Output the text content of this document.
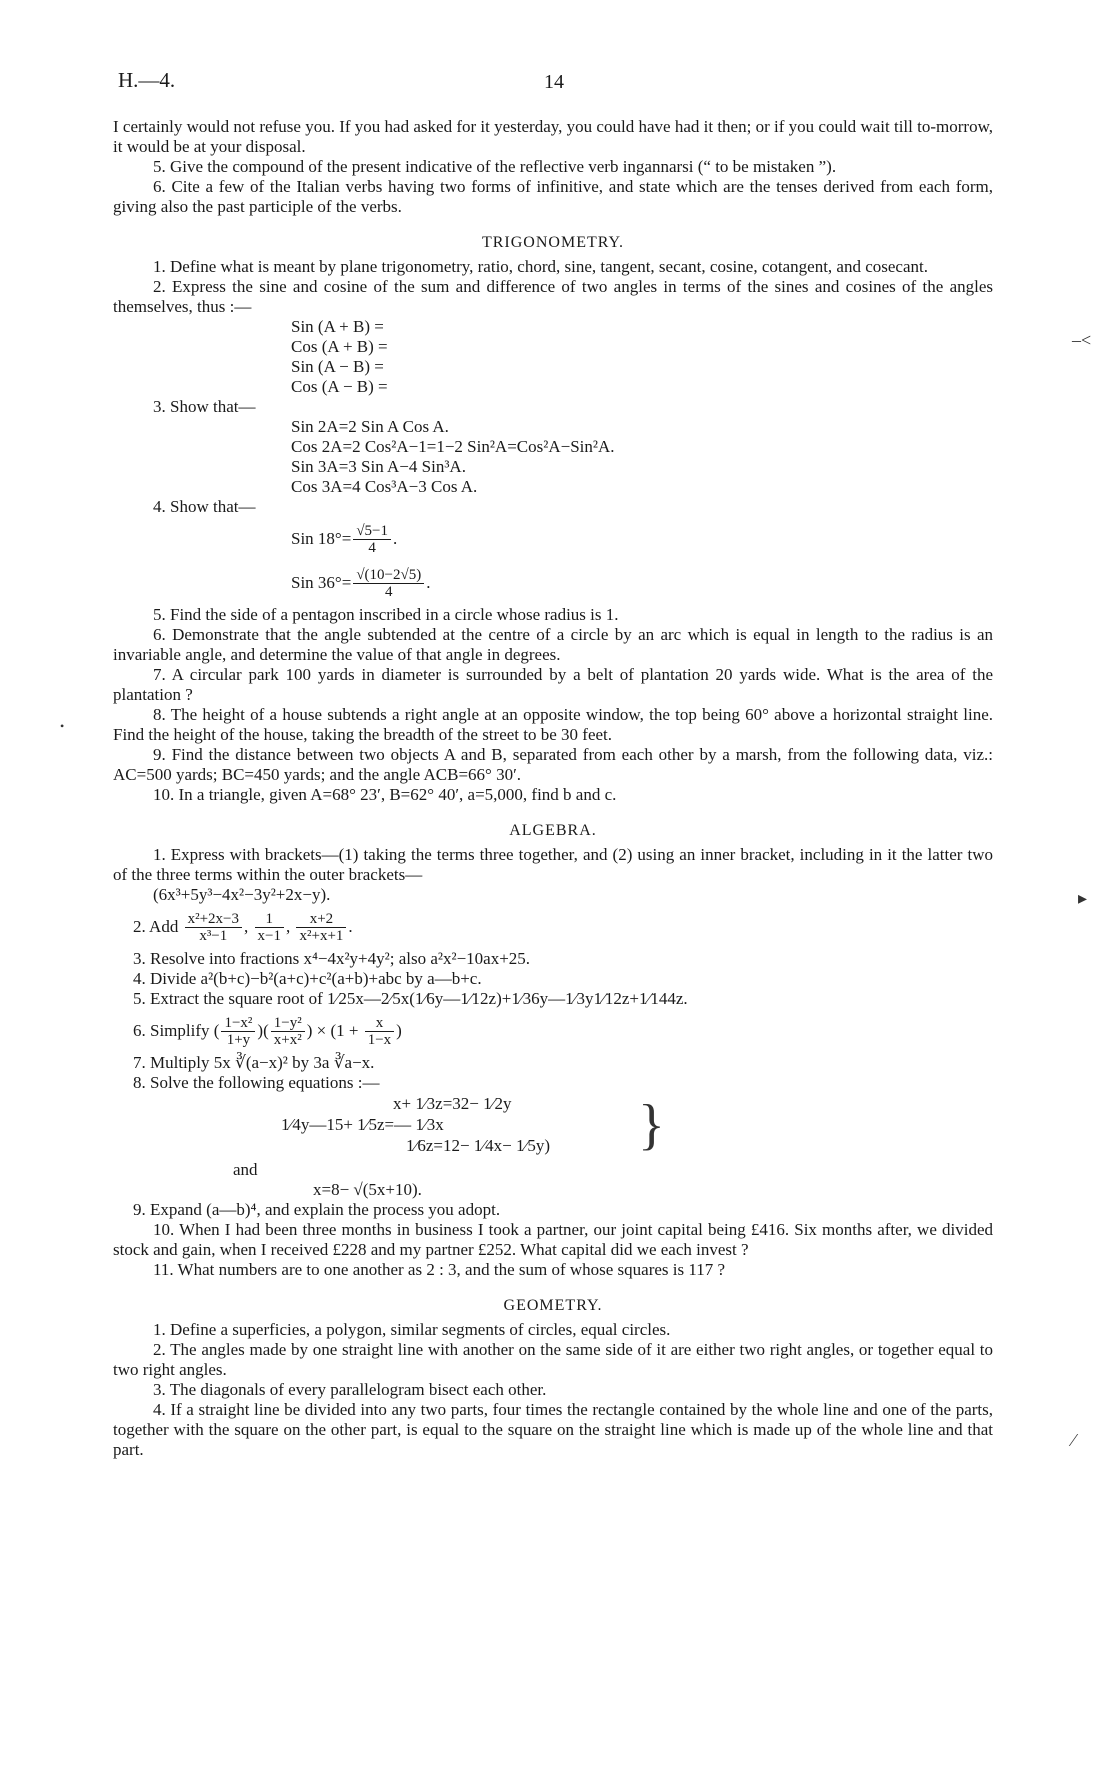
H.—4.	14
–<
▸
⁄
•

I certainly would not refuse you. If you had asked for it yesterday, you could have had it then; or if you could wait till to-morrow, it would be at your disposal.

5. Give the compound of the present indicative of the reflective verb ingannarsi (“ to be mistaken ”).

6. Cite a few of the Italian verbs having two forms of infinitive, and state which are the tenses derived from each form, giving also the past participle of the verbs.

TRIGONOMETRY.

1. Define what is meant by plane trigonometry, ratio, chord, sine, tangent, secant, cosine, cotangent, and cosecant.

2. Express the sine and cosine of the sum and difference of two angles in terms of the sines and cosines of the angles themselves, thus :—

Sin (A + B) =
Cos (A + B) =
Sin (A − B) =
Cos (A − B) =
3. Show that—
Sin 2A=2 Sin A Cos A.
Cos 2A=2 Cos²A−1=1−2 Sin²A=Cos²A−Sin²A.
Sin 3A=3 Sin A−4 Sin³A.
Cos 3A=4 Cos³A−3 Cos A.
4. Show that—
Sin $18^\circ= \frac{√5-1}{4}$ .
Sin $36^\circ= \frac{√(10-2√5)}{4}$ .

5. Find the side of a pentagon inscribed in a circle whose radius is 1.

6. Demonstrate that the angle subtended at the centre of a circle by an arc which is equal in length to the radius is an invariable angle, and determine the value of that angle in degrees.

7. A circular park 100 yards in diameter is surrounded by a belt of plantation 20 yards wide. What is the area of the plantation ?

8. The height of a house subtends a right angle at an opposite window, the top being 60° above a horizontal straight line. Find the height of the house, taking the breadth of the street to be 30 feet.

9. Find the distance between two objects A and B, separated from each other by a marsh, from the following data, viz.: AC=500 yards; BC=450 yards; and the angle ACB=66° 30′.

10. In a triangle, given A=68° 23′, B=62° 40′, a=5,000, find b and c.

ALGEBRA.

1. Express with brackets—(1) taking the terms three together, and (2) using an inner bracket, including in it the latter two of the three terms within the outer brackets—

(6x³+5y³−4x²−3y²+2x−y).
2. Add
$\frac{\text{x²+2x−3}}{\text{x³−1}}$ , $\frac{1}{x-1}$ , $\frac{x+2}{\text{x²+x+1}}$ .

3. Resolve into fractions x⁴−4x²y+4y²; also a²x²−10ax+25.

4. Divide a²(b+c)−b²(a+c)+c²(a+b)+abc by a—b+c.

5. Extract the square root of 1⁄25x—2⁄5x(1⁄6y—1⁄12z)+1⁄36y—1⁄3y1⁄12z+1⁄144z.

6. Simplify ( $\frac{\text{1−x²}}{1+y}$ )( $\frac{\text{1−y²}}{\text{x+x²}}$ ) × ($1 + \frac{x}{1-x}$ )

7. Multiply 5x ∛(a−x)² by 3a ∛a−x.

8. Solve the following equations :—

x+ 1⁄3z=32− 1⁄2y
1⁄4y—15+ 1⁄5z=— 1⁄3x
1⁄6z=12− 1⁄4x− 1⁄5y)	}
and
x=8− √(5x+10).

9. Expand (a—b)⁴, and explain the process you adopt.

10. When I had been three months in business I took a partner, our joint capital being £416. Six months after, we divided stock and gain, when I received £228 and my partner £252. What capital did we each invest ?

11. What numbers are to one another as 2 : 3, and the sum of whose squares is 117 ?

GEOMETRY.

1. Define a superficies, a polygon, similar segments of circles, equal circles.

2. The angles made by one straight line with another on the same side of it are either two right angles, or together equal to two right angles.

3. The diagonals of every parallelogram bisect each other.

4. If a straight line be divided into any two parts, four times the rectangle contained by the whole line and one of the parts, together with the square on the other part, is equal to the square on the straight line which is made up of the whole line and that part.
